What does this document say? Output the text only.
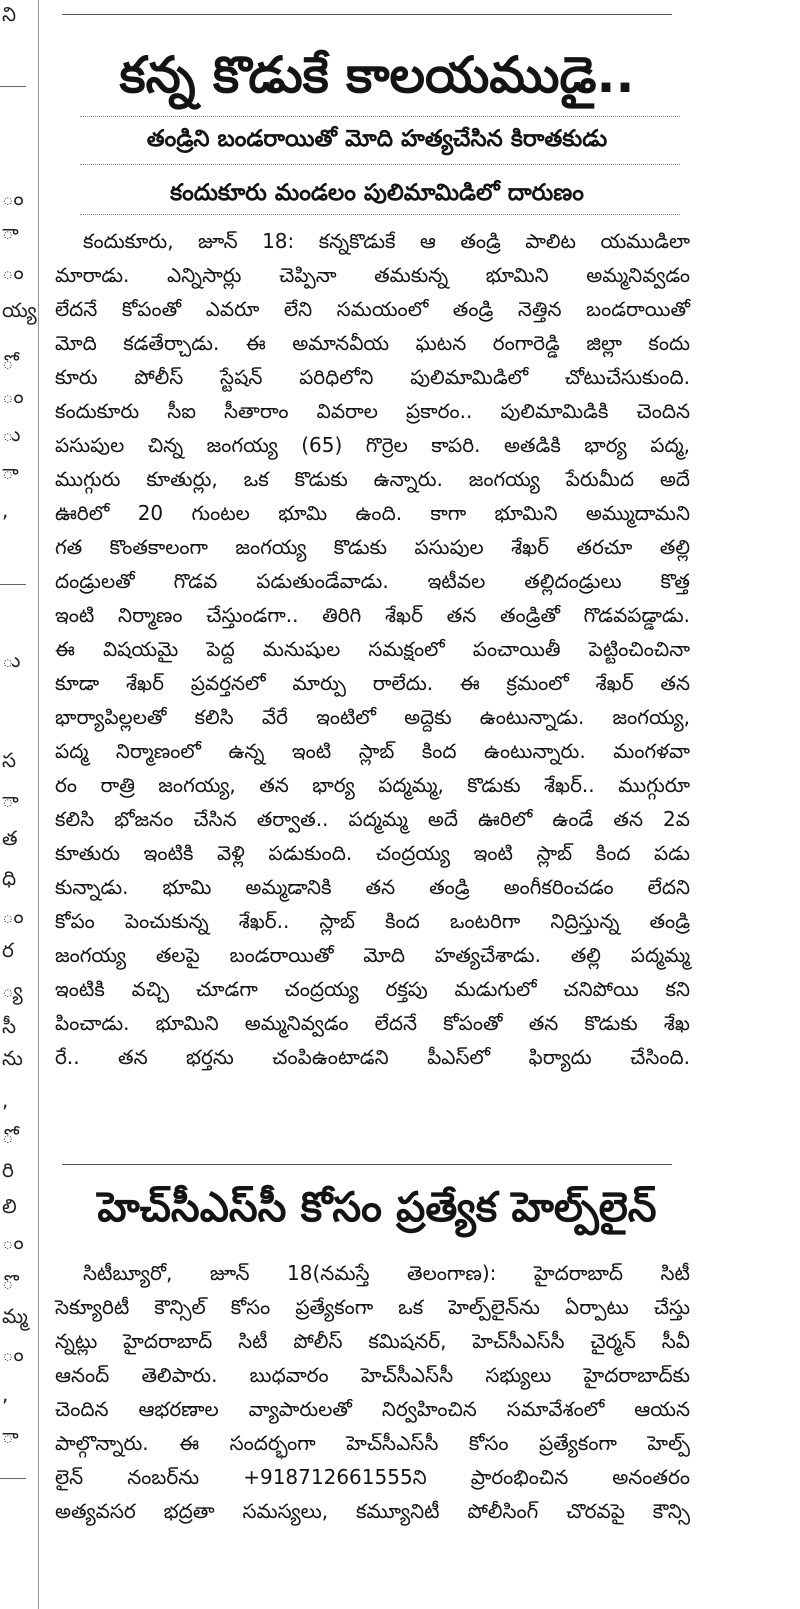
ని
ం
ా
ం
య్య
ో
ం
ు
ా
,
ు
స
ా
త
ధి
ం
ర
్య
సీ
ను
,
ో
రి
లి
ం
ొ
మ్మ
ం
,
ా
కన్న కొడుకే కాలయముడై..
తండ్రిని బండరాయితో మోది హత్యచేసిన కిరాతకుడు
కందుకూరు మండలం పులిమామిడిలో దారుణం
కందుకూరు, జూన్ 18: కన్నకొడుకే ఆ తండ్రి పాలిట యముడిలా
మారాడు. ఎన్నిసార్లు చెప్పినా తమకున్న భూమిని అమ్మనివ్వడం
లేదనే కోపంతో ఎవరూ లేని సమయంలో తండ్రి నెత్తిన బండరాయితో
మోది కడతేర్చాడు. ఈ అమానవీయ ఘటన రంగారెడ్డి జిల్లా కందు
కూరు పోలీస్ స్టేషన్ పరిధిలోని పులిమామిడిలో చోటుచేసుకుంది.
కందుకూరు సీఐ సీతారాం వివరాల ప్రకారం.. పులిమామిడికి చెందిన
పసుపుల చిన్న జంగయ్య (65) గొర్రెల కాపరి. అతడికి భార్య పద్మ,
ముగ్గురు కూతుర్లు, ఒక కొడుకు ఉన్నారు. జంగయ్య పేరుమీద అదే
ఊరిలో 20 గుంటల భూమి ఉంది. కాగా భూమిని అమ్ముదామని
గత కొంతకాలంగా జంగయ్య కొడుకు పసుపుల శేఖర్ తరచూ తల్లి
దండ్రులతో గొడవ పడుతుండేవాడు. ఇటీవల తల్లిదండ్రులు కొత్త
ఇంటి నిర్మాణం చేస్తుండగా.. తిరిగి శేఖర్ తన తండ్రితో గొడవపడ్డాడు.
ఈ విషయమై పెద్ద మనుషుల సమక్షంలో పంచాయితీ పెట్టించించినా
కూడా శేఖర్ ప్రవర్తనలో మార్పు రాలేదు. ఈ క్రమంలో శేఖర్ తన
భార్యాపిల్లలతో కలిసి వేరే ఇంటిలో అద్దెకు ఉంటున్నాడు. జంగయ్య,
పద్మ నిర్మాణంలో ఉన్న ఇంటి స్లాబ్ కింద ఉంటున్నారు. మంగళవా
రం రాత్రి జంగయ్య, తన భార్య పద్మమ్మ, కొడుకు శేఖర్.. ముగ్గురూ
కలిసి భోజనం చేసిన తర్వాత.. పద్మమ్మ అదే ఊరిలో ఉండే తన 2వ
కూతురు ఇంటికి వెళ్లి పడుకుంది. చంద్రయ్య ఇంటి స్లాబ్ కింద పడు
కున్నాడు. భూమి అమ్మడానికి తన తండ్రి అంగీకరించడం లేదని
కోపం పెంచుకున్న శేఖర్.. స్లాబ్ కింద ఒంటరిగా నిద్రిస్తున్న తండ్రి
జంగయ్య తలపై బండరాయితో మోది హత్యచేశాడు. తల్లి పద్మమ్మ
ఇంటికి వచ్చి చూడగా చంద్రయ్య రక్తపు మడుగులో చనిపోయి కని
పించాడు. భూమిని అమ్మనివ్వడం లేదనే కోపంతో తన కొడుకు శేఖ
రే.. తన భర్తను చంపిఉంటాడని పీఎస్‌లో ఫిర్యాదు చేసింది.
హెచ్‌సీఎస్‌సీ కోసం ప్రత్యేక హెల్ప్‌లైన్
సిటీబ్యూరో, జూన్ 18(నమస్తే తెలంగాణ): హైదరాబాద్ సిటీ
సెక్యూరిటీ కౌన్సిల్ కోసం ప్రత్యేకంగా ఒక హెల్ప్‌లైన్‌ను ఏర్పాటు చేస్తు
న్నట్లు హైదరాబాద్ సిటీ పోలీస్ కమిషనర్, హెచ్‌సీఎస్‌సీ చైర్మన్ సీవీ
ఆనంద్ తెలిపారు. బుధవారం హెచ్‌సీఎస్‌సీ సభ్యులు హైదరాబాద్‌కు
చెందిన ఆభరణాల వ్యాపారులతో నిర్వహించిన సమావేశంలో ఆయన
పాల్గొన్నారు. ఈ సందర్భంగా హెచ్‌సీఎస్‌సీ కోసం ప్రత్యేకంగా హెల్ప్
లైన్ నంబర్‌ను +918712661555ని ప్రారంభించిన అనంతరం
అత్యవసర భద్రతా సమస్యలు, కమ్యూనిటీ పోలీసింగ్ చొరవపై కౌన్సి
